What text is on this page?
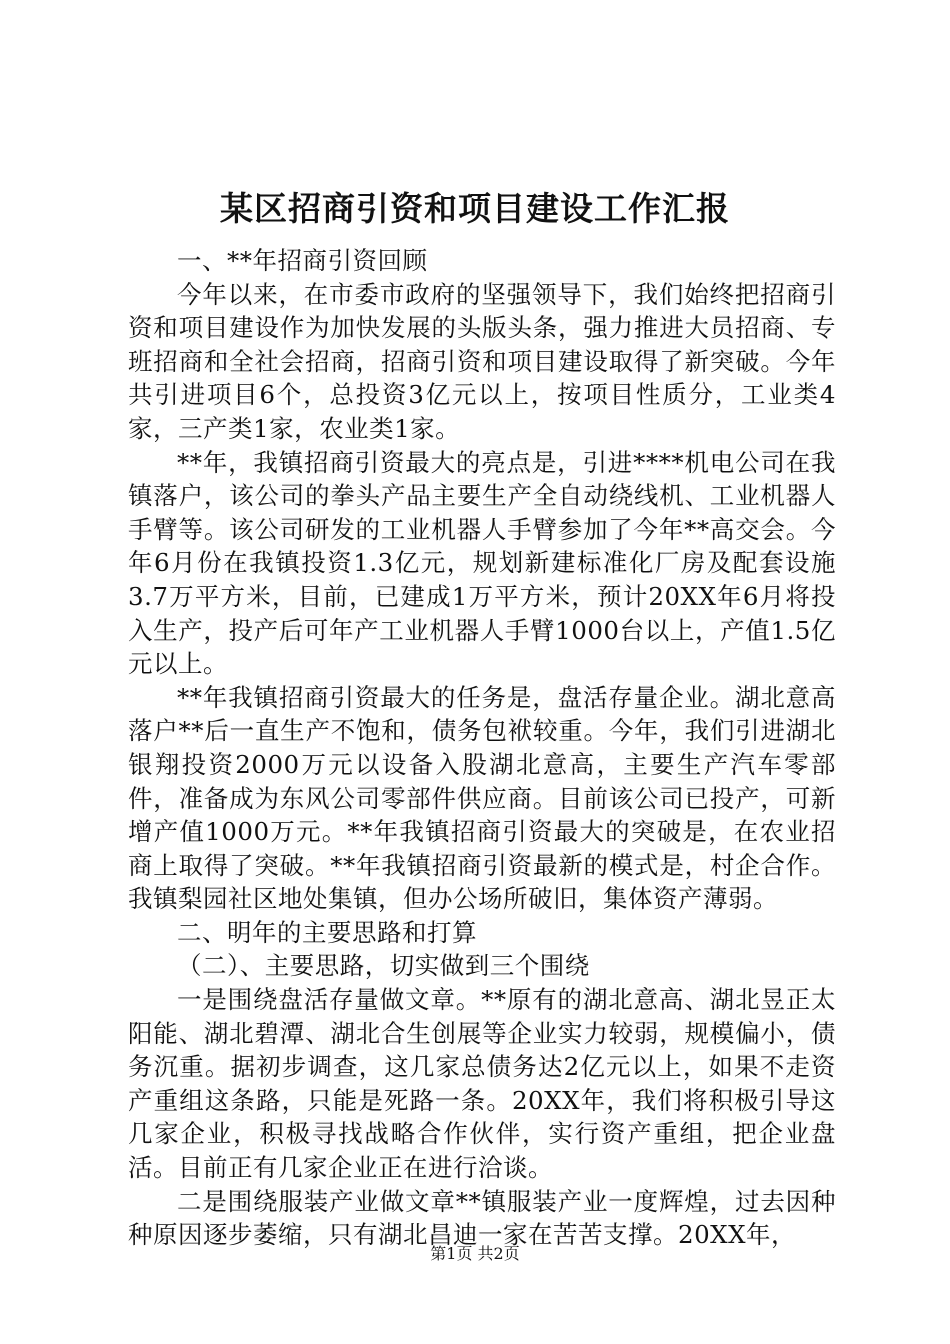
某区招商引资和项目建设工作汇报

一、**年招商引资回顾

今年以来，在市委市政府的坚强领导下，我们始终把招商引资和项目建设作为加快发展的头版头条，强力推进大员招商、专班招商和全社会招商，招商引资和项目建设取得了新突破。今年共引进项目6个，总投资3亿元以上，按项目性质分，工业类4家，三产类1家，农业类1家。

**年，我镇招商引资最大的亮点是，引进****机电公司在我镇落户，该公司的拳头产品主要生产全自动绕线机、工业机器人手臂等。该公司研发的工业机器人手臂参加了今年**高交会。今年6月份在我镇投资1.3亿元，规划新建标准化厂房及配套设施3.7万平方米，目前，已建成1万平方米，预计20XX年6月将投入生产，投产后可年产工业机器人手臂1000台以上，产值1.5亿元以上。

**年我镇招商引资最大的任务是，盘活存量企业。湖北意高落户**后一直生产不饱和，债务包袱较重。今年，我们引进湖北银翔投资2000万元以设备入股湖北意高，主要生产汽车零部件，准备成为东风公司零部件供应商。目前该公司已投产，可新增产值1000万元。**年我镇招商引资最大的突破是，在农业招商上取得了突破。**年我镇招商引资最新的模式是，村企合作。我镇梨园社区地处集镇，但办公场所破旧，集体资产薄弱。

二、明年的主要思路和打算

（二）、主要思路，切实做到三个围绕

一是围绕盘活存量做文章。**原有的湖北意高、湖北昱正太阳能、湖北碧潭、湖北合生创展等企业实力较弱，规模偏小，债务沉重。据初步调查，这几家总债务达2亿元以上，如果不走资产重组这条路，只能是死路一条。20XX年，我们将积极引导这几家企业，积极寻找战略合作伙伴，实行资产重组，把企业盘活。目前正有几家企业正在进行洽谈。

二是围绕服装产业做文章**镇服装产业一度辉煌，过去因种种原因逐步萎缩，只有湖北昌迪一家在苦苦支撑。20XX年，

第1页 共2页
